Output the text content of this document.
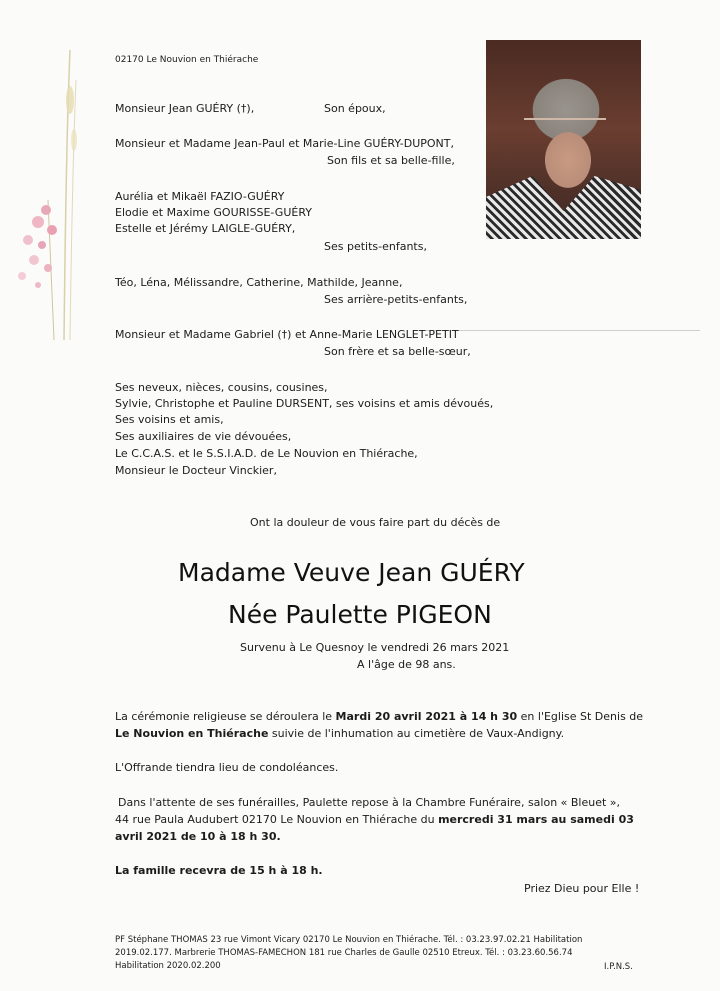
02170 Le Nouvion en Thiérache
Monsieur Jean GUÉRY (†),	Son époux,
Monsieur et Madame Jean-Paul et Marie-Line GUÉRY-DUPONT,
Son fils et sa belle-fille,
Aurélia et Mikaël FAZIO-GUÉRY
Elodie et Maxime GOURISSE-GUÉRY
Estelle et Jérémy LAIGLE-GUÉRY,
Ses petits-enfants,
Téo, Léna, Mélissandre, Catherine, Mathilde, Jeanne,
Ses arrière-petits-enfants,
Monsieur et Madame Gabriel (†) et Anne-Marie LENGLET-PETIT
Son frère et sa belle-sœur,
Ses neveux, nièces, cousins, cousines,
Sylvie, Christophe et Pauline DURSENT, ses voisins et amis dévoués,
Ses voisins et amis,
Ses auxiliaires de vie dévouées,
Le C.C.A.S. et le S.S.I.A.D. de Le Nouvion en Thiérache,
Monsieur le Docteur Vinckier,
Ont la douleur de vous faire part du décès de
Madame Veuve Jean GUÉRY
Née Paulette PIGEON
Survenu à Le Quesnoy le vendredi 26 mars 2021
A l'âge de 98 ans.
La cérémonie religieuse se déroulera le Mardi 20 avril 2021 à 14 h 30 en l'Eglise St Denis de
Le Nouvion en Thiérache suivie de l'inhumation au cimetière de Vaux-Andigny.
L'Offrande tiendra lieu de condoléances.
Dans l'attente de ses funérailles, Paulette repose à la Chambre Funéraire, salon « Bleuet »,
44 rue Paula Audubert 02170 Le Nouvion en Thiérache du mercredi 31 mars au samedi 03
avril 2021 de 10 à 18 h 30.
La famille recevra de 15 h à 18 h.
Priez Dieu pour Elle !
PF Stéphane THOMAS 23 rue Vimont Vicary 02170 Le Nouvion en Thiérache. Tél. : 03.23.97.02.21 Habilitation
2019.02.177. Marbrerie THOMAS-FAMECHON 181 rue Charles de Gaulle 02510 Etreux. Tél. : 03.23.60.56.74
Habilitation 2020.02.200	I.P.N.S.
